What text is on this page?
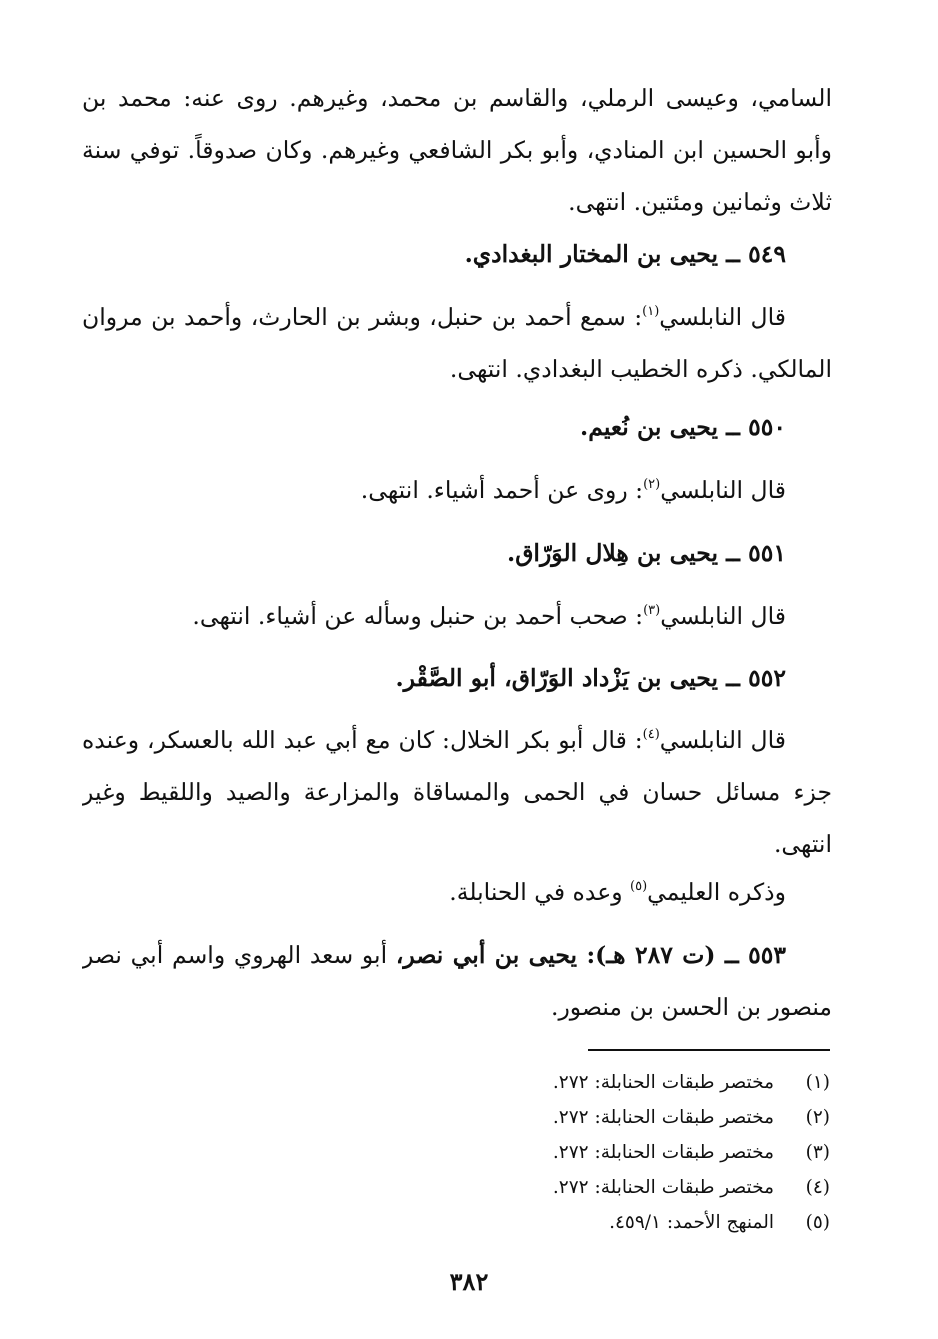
السامي، وعيسى الرملي، والقاسم بن محمد، وغيرهم. روى عنه: محمد بن
وأبو الحسين ابن المنادي، وأبو بكر الشافعي وغيرهم. وكان صدوقاً. توفي سنة
ثلاث وثمانين ومئتين. انتهى.
٥٤٩ ــ يحيى بن المختار البغدادي.
قال النابلسي$^{(١)}$: سمع أحمد بن حنبل، وبشر بن الحارث، وأحمد بن مروان
المالكي. ذكره الخطيب البغدادي. انتهى.
٥٥٠ ــ يحيى بن نُعيم.
قال النابلسي$^{(٢)}$: روى عن أحمد أشياء. انتهى.
٥٥١ ــ يحيى بن هِلال الوَرّاق.
قال النابلسي$^{(٣)}$: صحب أحمد بن حنبل وسأله عن أشياء. انتهى.
٥٥٢ ــ يحيى بن يَزْداد الوَرّاق، أبو الصَّقْر.
قال النابلسي$^{(٤)}$: قال أبو بكر الخلال: كان مع أبي عبد الله بالعسكر، وعنده
جزء مسائل حسان في الحمى والمساقاة والمزارعة والصيد واللقيط وغير
انتهى.
وذكره العليمي$^{(٥)}$ وعده في الحنابلة.
٥٥٣ ــ (ت ٢٨٧ هـ): يحيى بن أبي نصر، أبو سعد الهروي واسم أبي نصر
منصور بن الحسن بن منصور.
(١)مختصر طبقات الحنابلة: ٢٧٢.
(٢)مختصر طبقات الحنابلة: ٢٧٢.
(٣)مختصر طبقات الحنابلة: ٢٧٢.
(٤)مختصر طبقات الحنابلة: ٢٧٢.
(٥)المنهج الأحمد: ٤٥٩/١.
٣٨٢
